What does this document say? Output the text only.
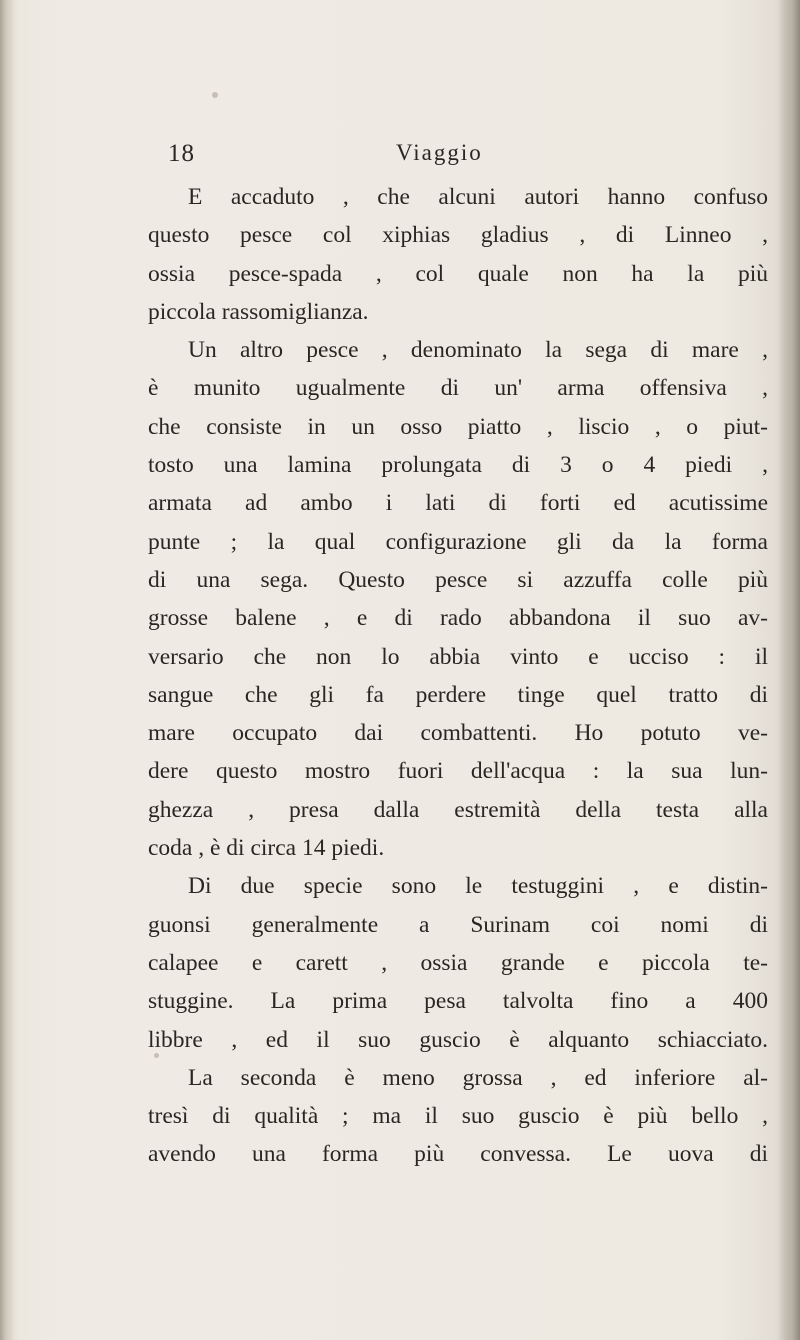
18	Viaggio
E accaduto , che alcuni autori hanno confuso
questo pesce col xiphias gladius , di Linneo ,
ossia pesce-spada , col quale non ha la più
piccola rassomiglianza.
Un altro pesce , denominato la sega di mare ,
è munito ugualmente di un' arma offensiva ,
che consiste in un osso piatto , liscio , o piut-
tosto una lamina prolungata di 3 o 4 piedi ,
armata ad ambo i lati di forti ed acutissime
punte ; la qual configurazione gli da la forma
di una sega. Questo pesce si azzuffa colle più
grosse balene , e di rado abbandona il suo av-
versario che non lo abbia vinto e ucciso : il
sangue che gli fa perdere tinge quel tratto di
mare occupato dai combattenti. Ho potuto ve-
dere questo mostro fuori dell'acqua : la sua lun-
ghezza , presa dalla estremità della testa alla
coda , è di circa 14 piedi.
Di due specie sono le testuggini , e distin-
guonsi generalmente a Surinam coi nomi di
calapee e carett , ossia grande e piccola te-
stuggine. La prima pesa talvolta fino a 400
libbre , ed il suo guscio è alquanto schiacciato.
La seconda è meno grossa , ed inferiore al-
tresì di qualità ; ma il suo guscio è più bello ,
avendo una forma più convessa. Le uova di
